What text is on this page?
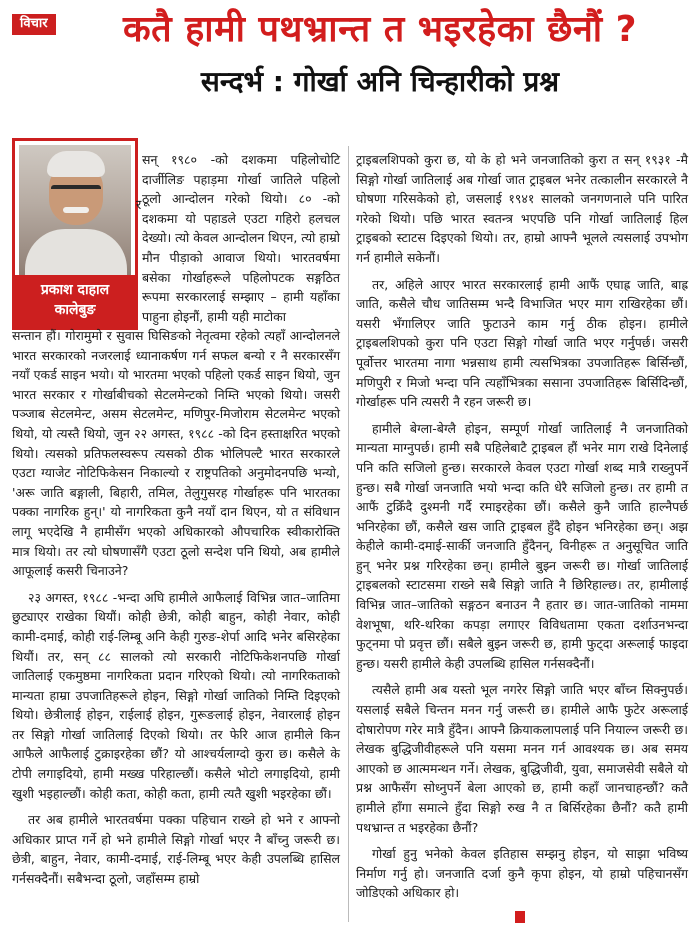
विचार	कतै हामी पथभ्रान्त त भइरहेका छैनौं ?
सन्दर्भ : गोर्खा अनि चिन्हारीको प्रश्न
प्रकाश दाहाल
कालेबुङ
र

सन् १९८० -को दशकमा पहिलोचोटि दार्जीलिङ पहाड़मा गोर्खा जातिले पहिलो ठूलो आन्दोलन गरेको थियो। ८० -को दशकमा यो पहाडले एउटा गहिरो हलचल देख्यो। त्यो केवल आन्दोलन थिएन, त्यो हाम्रो मौन पीड़ाको आवाज थियो। भारतवर्षमा बसेका गोर्खाहरूले पहिलोपटक सङ्गठित रूपमा सरकारलाई सम्झाए – हामी यहाँका पाहुना होइनौं, हामी यही माटोका

सन्तान हौं। गोरामुमो र सुवास घिसिङको नेतृत्वमा रहेको त्यहाँ आन्दोलनले भारत सरकारको नजरलाई ध्यानाकर्षण गर्न सफल बन्यो र नै सरकारसँग नयाँ एकर्ड साइन भयो। यो भारतमा भएको पहिलो एकर्ड साइन थियो, जुन भारत सरकार र गोर्खाबीचको सेटलमेन्टको निम्ति भएको थियो। जसरी पञ्जाब सेटलमेन्ट, असम सेटलमेन्ट, मणिपुर-मिजोराम सेटलमेन्ट भएको थियो, यो त्यस्तै थियो, जुन २२ अगस्त, १९८८ -को दिन हस्ताक्षरित भएको थियो। त्यसको प्रतिफलस्वरूप त्यसको ठीक भोलिपल्टै भारत सरकारले एउटा ग्याजेट नोटिफिकेसन निकाल्यो र राष्ट्रपतिको अनुमोदनपछि भन्यो, 'अरू जाति बङ्गाली, बिहारी, तमिल, तेलुगुसरह गोर्खाहरू पनि भारतका पक्का नागरिक हुन्।' यो नागरिकता कुनै नयाँ दान थिएन, यो त संविधान लागू भएदेखि नै हामीसँग भएको अधिकारको औपचारिक स्वीकारोक्ति मात्र थियो। तर त्यो घोषणासँगै एउटा ठूलो सन्देश पनि थियो, अब हामीले आफूलाई कसरी चिनाउने?

२३ अगस्त, १९८८ -भन्दा अघि हामीले आफैलाई विभिन्न जात–जातिमा छुट्याएर राखेका थियौं। कोही छेत्री, कोही बाहुन, कोही नेवार, कोही कामी-दमाई, कोही राई-लिम्बू अनि केही गुरुङ-शेर्पा आदि भनेर बसिरहेका थियौं। तर, सन् ८८ सालको त्यो सरकारी नोटिफिकेशनपछि गोर्खा जातिलाई एकमुष्ठमा नागरिकता प्रदान गरिएको थियो। त्यो नागरिकताको मान्यता हाम्रा उपजातिहरूले होइन, सिङ्गो गोर्खा जातिको निम्ति दिइएको थियो। छेत्रीलाई होइन, राईलाई होइन, गुरूङलाई होइन, नेवारलाई होइन तर सिङ्गो गोर्खा जातिलाई दिएको थियो। तर फेरि आज हामीले किन आफैले आफैलाई टुक्राइरहेका छौं? यो आश्चर्यलाग्दो कुरा छ। कसैले के टोपी लगाइदियो, हामी मख्ख परिहाल्छौं। कसैले भोटो लगाइदियो, हामी खुशी भइहाल्छौं। कोही कता, कोही कता, हामी त्यतै खुशी भइरहेका छौं।

तर अब हामीले भारतवर्षमा पक्का पहिचान राख्ने हो भने र आफ्नो अधिकार प्राप्त गर्ने हो भने हामीले सिङ्गो गोर्खा भएर नै बाँच्नु जरूरी छ। छेत्री, बाहुन, नेवार, कामी-दमाई, राई-लिम्बू भएर केही उपलब्धि हासिल गर्नसक्दैनौं। सबैभन्दा ठूलो, जहाँसम्म हाम्रो

ट्राइबलशिपको कुरा छ, यो के हो भने जनजातिको कुरा त सन् १९३१ -मै सिङ्गो गोर्खा जातिलाई अब गोर्खा जात ट्राइबल भनेर तत्कालीन सरकारले नै घोषणा गरिसकेको हो, जसलाई १९४१ सालको जनगणनाले पनि पारित गरेको थियो। पछि भारत स्वतन्त्र भएपछि पनि गोर्खा जातिलाई हिल ट्राइबको स्टाटस दिइएको थियो। तर, हाम्रो आफ्नै भूलले त्यसलाई उपभोग गर्न हामीले सकेनौं।

तर, अहिले आएर भारत सरकारलाई हामी आफैं एघाह्र जाति, बाह्र जाति, कसैले चौध जातिसम्म भन्दै विभाजित भएर माग राखिरहेका छौं। यसरी भँगालिएर जाति फुटाउने काम गर्नु ठीक होइन। हामीले ट्राइबलशिपको कुरा पनि एउटा सिङ्गो गोर्खा जाति भएर गर्नुपर्छ। जसरी पूर्वोत्तर भारतमा नागा भन्नसाथ हामी त्यसभित्रका उपजातिहरू बिर्सिन्छौं, मणिपुरी र मिजो भन्दा पनि त्यहाँभित्रका ससाना उपजातिहरू बिर्सिदिन्छौं, गोर्खाहरू पनि त्यसरी नै रहन जरूरी छ।

हामीले बेग्ला-बेग्लै होइन, सम्पूर्ण गोर्खा जातिलाई नै जनजातिको मान्यता माग्नुपर्छ। हामी सबै पहिलेबाटै ट्राइबल हौं भनेर माग राखे दिनेलाई पनि कति सजिलो हुन्छ। सरकारले केवल एउटा गोर्खा शब्द मात्रै राख्नुपर्ने हुन्छ। सबै गोर्खा जनजाति भयो भन्दा कति धेरै सजिलो हुन्छ। तर हामी त आफैं टुक्रिँदै दुश्मनी गर्दै रमाइरहेका छौं। कसैले कुनै जाति हाल्नैपर्छ भनिरहेका छौं, कसैले खस जाति ट्राइबल हुँदै होइन भनिरहेका छन्। अझ केहीले कामी-दमाई-सार्की जनजाति हुँदैनन्, विनीहरू त अनुसूचित जाति हुन् भनेर प्रश्न गरिरहेका छन्। हामीले बुझ्न जरूरी छ। गोर्खा जातिलाई ट्राइबलको स्टाटसमा राख्ने सबै सिङ्गो जाति नै छिरिहाल्छ। तर, हामीलाई विभिन्न जात–जातिको सङ्गठन बनाउन नै हतार छ। जात-जातिको नाममा वेशभूषा, थरि-थरिका कपड़ा लगाएर विविधतामा एकता दर्शाउनभन्दा फुट्नमा पो प्रवृत्त छौं। सबैले बुझ्न जरूरी छ, हामी फुट्दा अरूलाई फाइदा हुन्छ। यसरी हामीले केही उपलब्धि हासिल गर्नसक्दैनौं।

त्यसैले हामी अब यस्तो भूल नगरेर सिङ्गो जाति भएर बाँच्न सिक्नुपर्छ। यसलाई सबैले चिन्तन मनन गर्नु जरूरी छ। हामीले आफै फुटेर अरूलाई दोषारोपण गरेर मात्रै हुँदैन। आफ्नै क्रियाकलापलाई पनि नियाल्न जरूरी छ। लेखक बुद्धिजीवीहरूले पनि यसमा मनन गर्न आवश्यक छ। अब समय आएको छ आत्ममन्थन गर्ने। लेखक, बुद्धिजीवी, युवा, समाजसेवी सबैले यो प्रश्न आफैसँग सोध्नुपर्ने बेला आएको छ, हामी कहाँ जानचाहन्छौं? कतै हामीले हाँगा समात्ने हुँदा सिङ्गो रुख नै त बिर्सिरहेका छैनौं? कतै हामी पथभ्रान्त त भइरहेका छैनौं?

गोर्खा हुनु भनेको केवल इतिहास सम्झनु होइन, यो साझा भविष्य निर्माण गर्नु हो। जनजाति दर्जा कुनै कृपा होइन, यो हाम्रो पहिचानसँग जोडिएको अधिकार हो।
